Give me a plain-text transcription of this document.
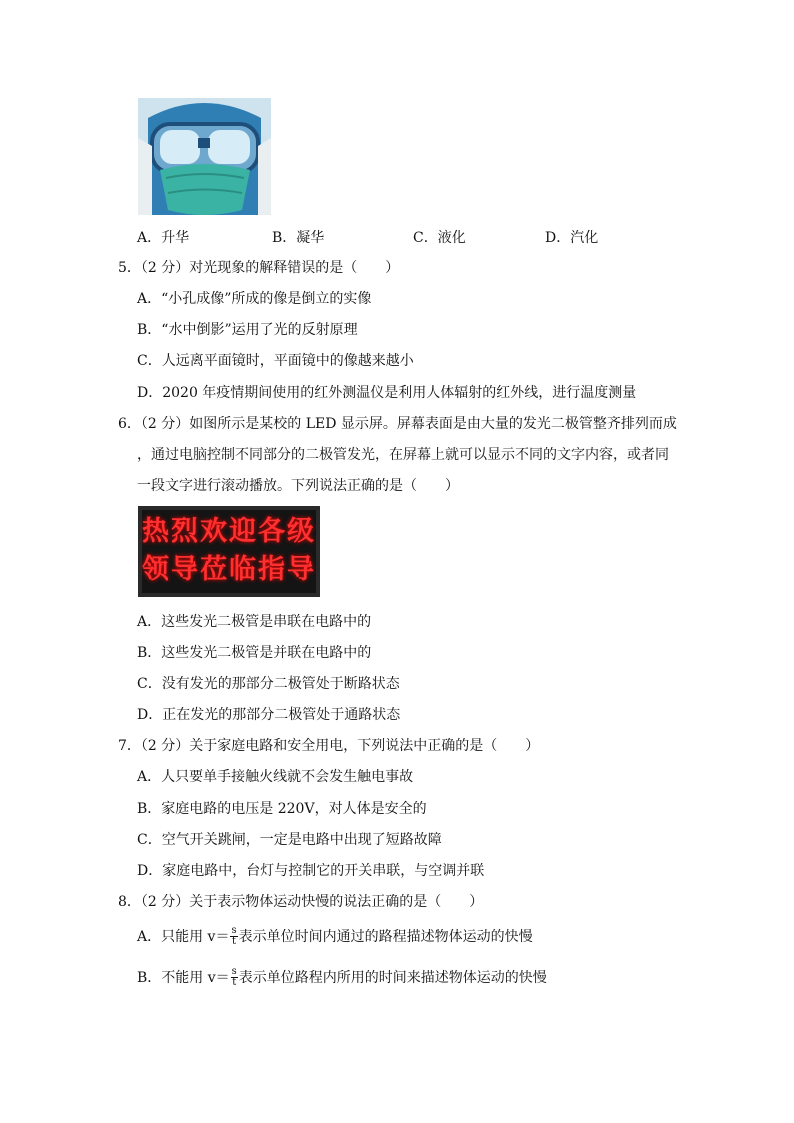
A．升华	B．凝华	C．液化	D．汽化
5．（2 分）对光现象的解释错误的是（　　）
A．“小孔成像”所成的像是倒立的实像
B．“水中倒影”运用了光的反射原理
C．人远离平面镜时，平面镜中的像越来越小
D．2020 年疫情期间使用的红外测温仪是利用人体辐射的红外线，进行温度测量
6．（2 分）如图所示是某校的 LED 显示屏。屏幕表面是由大量的发光二极管整齐排列而成
，通过电脑控制不同部分的二极管发光，在屏幕上就可以显示不同的文字内容，或者同
一段文字进行滚动播放。下列说法正确的是（　　）
热烈欢迎各级
领导莅临指导
A．这些发光二极管是串联在电路中的
B．这些发光二极管是并联在电路中的
C．没有发光的那部分二极管处于断路状态
D．正在发光的那部分二极管处于通路状态
7．（2 分）关于家庭电路和安全用电，下列说法中正确的是（　　）
A．人只要单手接触火线就不会发生触电事故
B．家庭电路的电压是 220V，对人体是安全的
C．空气开关跳闸，一定是电路中出现了短路故障
D．家庭电路中，台灯与控制它的开关串联，与空调并联
8．（2 分）关于表示物体运动快慢的说法正确的是（　　）
A．只能用 $v= \frac{s}{t}$ 表示单位时间内通过的路程描述物体运动的快慢
B．不能用 $v= \frac{s}{t}$ 表示单位路程内所用的时间来描述物体运动的快慢
